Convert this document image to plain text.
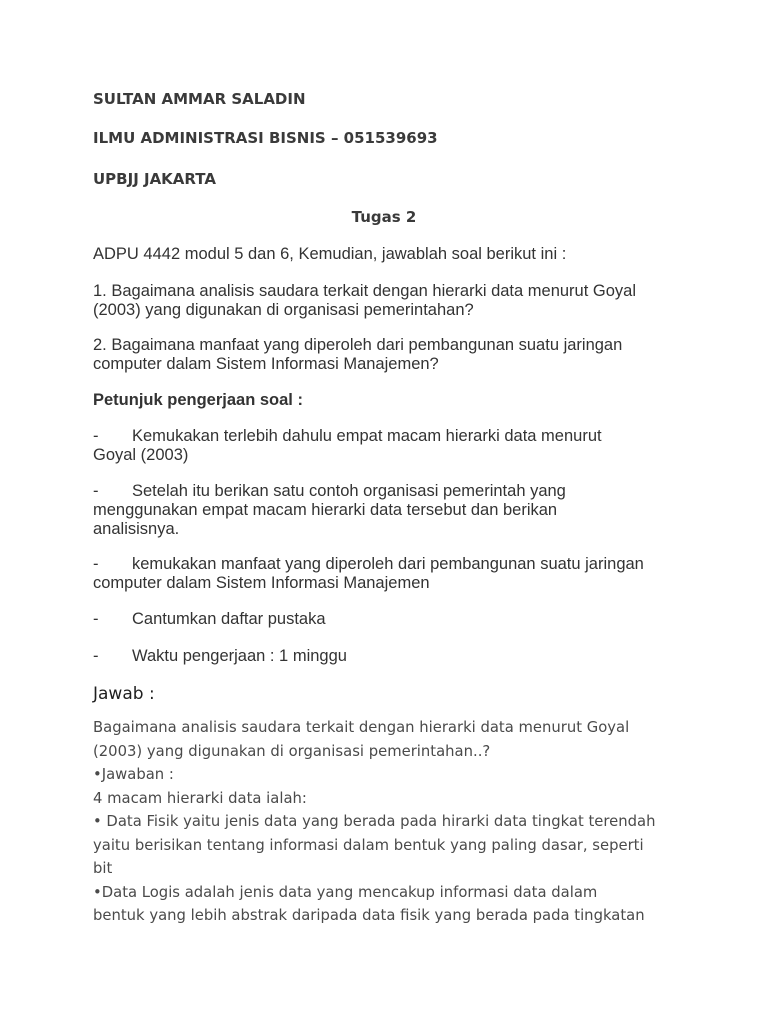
SULTAN AMMAR SALADIN
ILMU ADMINISTRASI BISNIS – 051539693
UPBJJ JAKARTA
Tugas 2
ADPU 4442 modul 5 dan 6, Kemudian, jawablah soal berikut ini :
1. Bagaimana analisis saudara terkait dengan hierarki data menurut Goyal
(2003) yang digunakan di organisasi pemerintahan?
2. Bagaimana manfaat yang diperoleh dari pembangunan suatu jaringan
computer dalam Sistem Informasi Manajemen?
Petunjuk pengerjaan soal :
- Kemukakan terlebih dahulu empat macam hierarki data menurut
Goyal (2003)
- Setelah itu berikan satu contoh organisasi pemerintah yang
menggunakan empat macam hierarki data tersebut dan berikan
analisisnya.
- kemukakan manfaat yang diperoleh dari pembangunan suatu jaringan
computer dalam Sistem Informasi Manajemen
- Cantumkan daftar pustaka
- Waktu pengerjaan : 1 minggu
Jawab :
Bagaimana analisis saudara terkait dengan hierarki data menurut Goyal
(2003) yang digunakan di organisasi pemerintahan..?
•Jawaban :
4 macam hierarki data ialah:
• Data Fisik yaitu jenis data yang berada pada hirarki data tingkat terendah
yaitu berisikan tentang informasi dalam bentuk yang paling dasar, seperti
bit
•Data Logis adalah jenis data yang mencakup informasi data dalam
bentuk yang lebih abstrak daripada data fisik yang berada pada tingkatan
